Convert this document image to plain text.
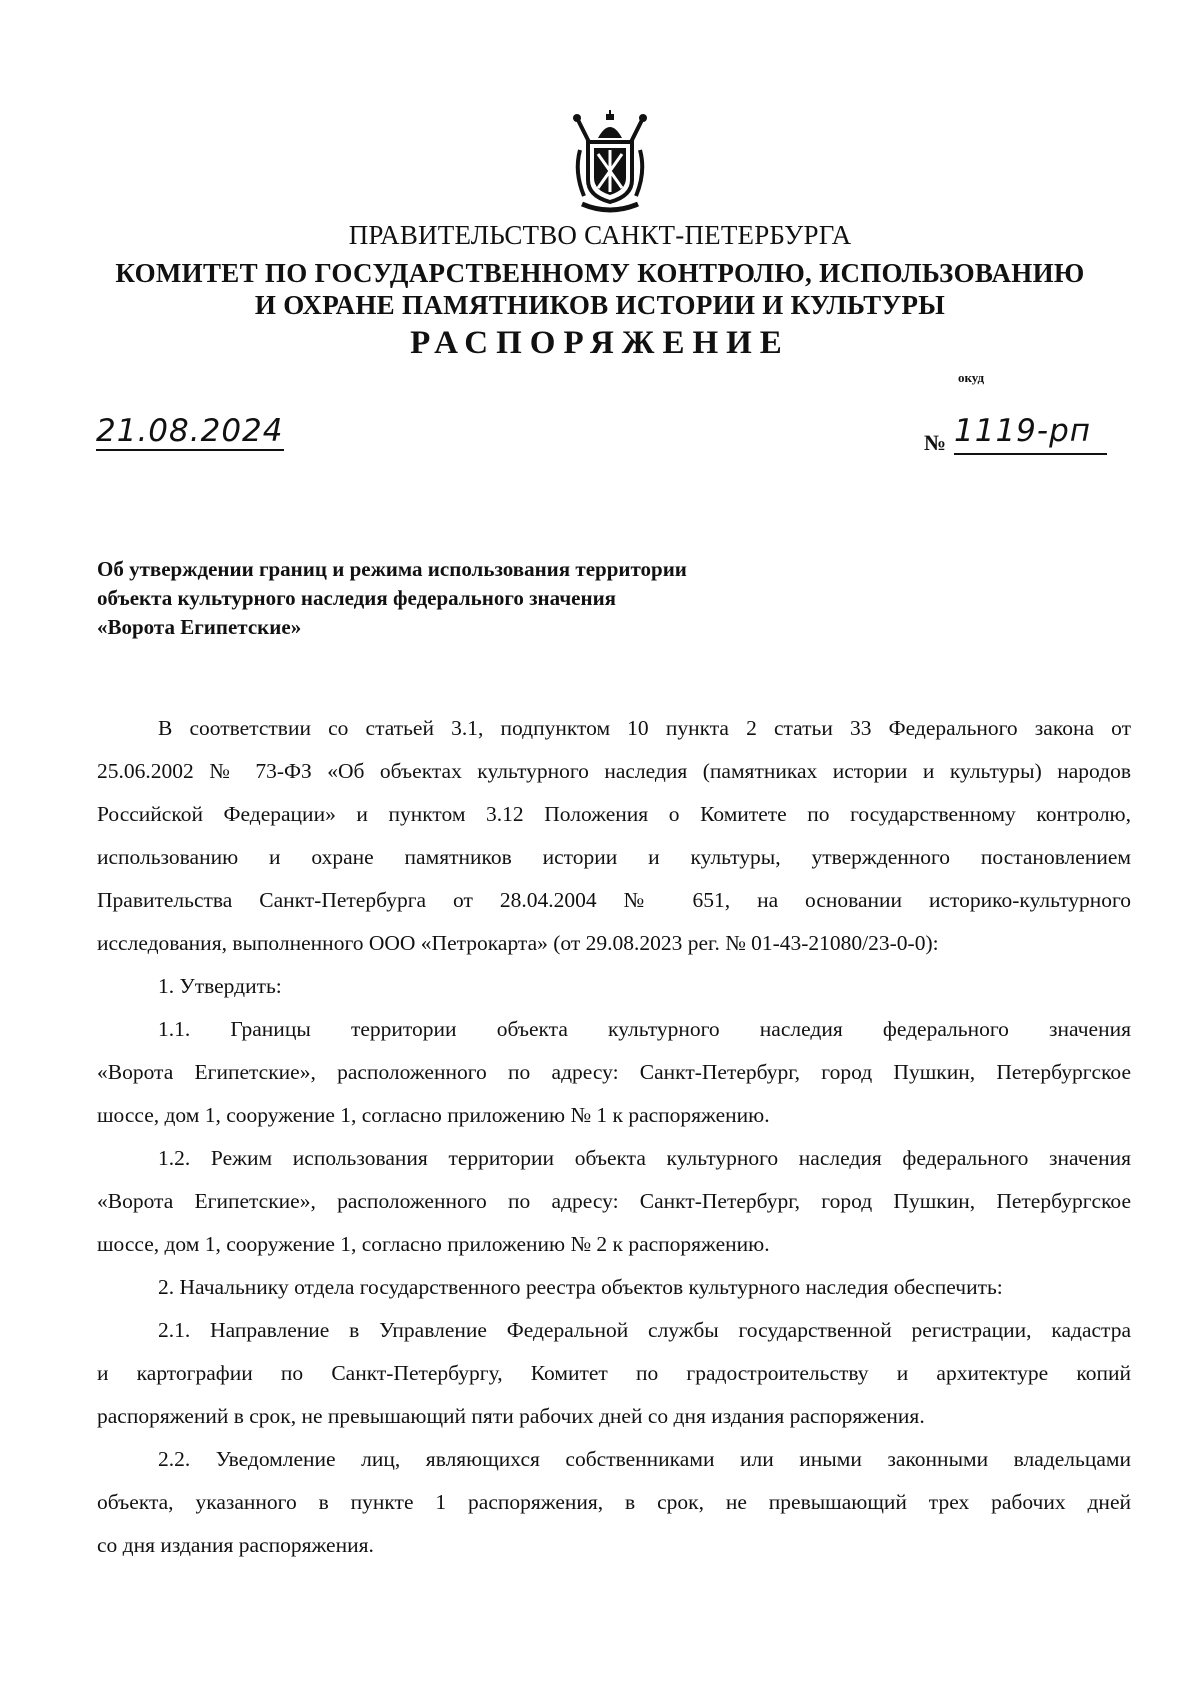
ПРАВИТЕЛЬСТВО САНКТ-ПЕТЕРБУРГА
КОМИТЕТ ПО ГОСУДАРСТВЕННОМУ КОНТРОЛЮ, ИСПОЛЬЗОВАНИЮ
И ОХРАНЕ ПАМЯТНИКОВ ИСТОРИИ И КУЛЬТУРЫ
РАСПОРЯЖЕНИЕ
окуд
21.08.2024	№ 1119-рп
Об утверждении границ и режима использования территории
объекта культурного наследия федерального значения
«Ворота Египетские»
В соответствии со статьей 3.1, подпунктом 10 пункта 2 статьи 33 Федерального закона от
25.06.2002 № 73-ФЗ «Об объектах культурного наследия (памятниках истории и культуры) народов
Российской Федерации» и пунктом 3.12 Положения о Комитете по государственному контролю,
использованию и охране памятников истории и культуры, утвержденного постановлением
Правительства Санкт-Петербурга от 28.04.2004 № 651, на основании историко-культурного
исследования, выполненного ООО «Петрокарта» (от 29.08.2023 рег. № 01-43-21080/23-0-0):
1. Утвердить:
1.1. Границы территории объекта культурного наследия федерального значения
«Ворота Египетские», расположенного по адресу: Санкт-Петербург, город Пушкин, Петербургское
шоссе, дом 1, сооружение 1, согласно приложению № 1 к распоряжению.
1.2. Режим использования территории объекта культурного наследия федерального значения
«Ворота Египетские», расположенного по адресу: Санкт-Петербург, город Пушкин, Петербургское
шоссе, дом 1, сооружение 1, согласно приложению № 2 к распоряжению.
2. Начальнику отдела государственного реестра объектов культурного наследия обеспечить:
2.1. Направление в Управление Федеральной службы государственной регистрации, кадастра
и картографии по Санкт-Петербургу, Комитет по градостроительству и архитектуре копий
распоряжений в срок, не превышающий пяти рабочих дней со дня издания распоряжения.
2.2. Уведомление лиц, являющихся собственниками или иными законными владельцами
объекта, указанного в пункте 1 распоряжения, в срок, не превышающий трех рабочих дней
со дня издания распоряжения.
